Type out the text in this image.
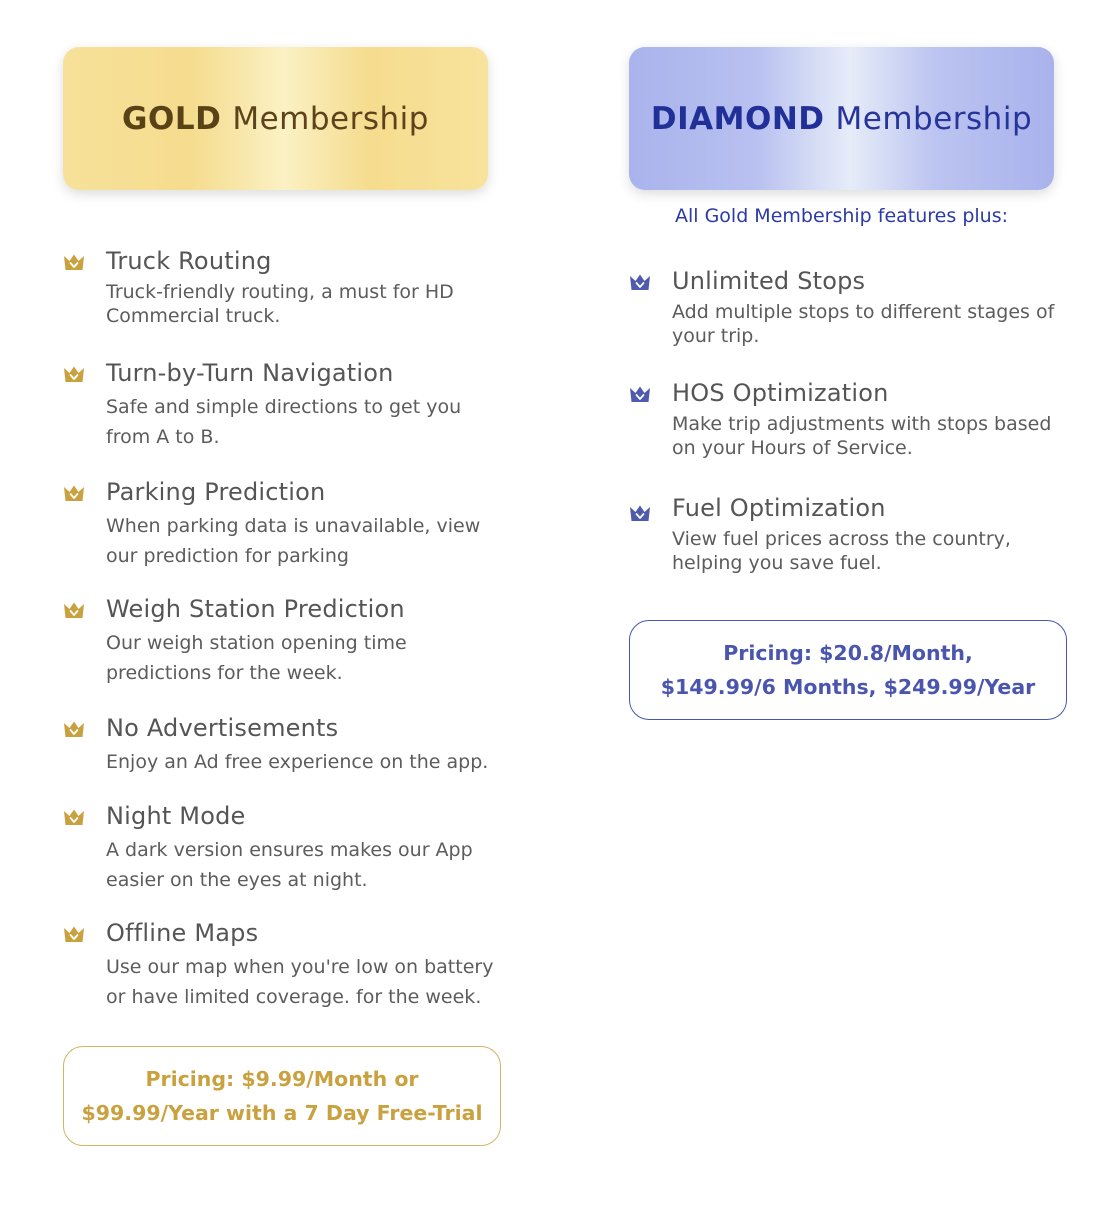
GOLD Membership
Truck Routing
Truck-friendly routing, a must for HD Commercial truck.
Turn-by-Turn Navigation
Safe and simple directions to get you from A to B.
Parking Prediction
When parking data is unavailable, view our prediction for parking
Weigh Station Prediction
Our weigh station opening time predictions for the week.
No Advertisements
Enjoy an Ad free experience on the app.
Night Mode
A dark version ensures makes our App easier on the eyes at night.
Offline Maps
Use our map when you're low on battery or have limited coverage. for the week.
Pricing: $9.99/Month or
$99.99/Year with a 7 Day Free-Trial
DIAMOND Membership
All Gold Membership features plus:
Unlimited Stops
Add multiple stops to different stages of your trip.
HOS Optimization
Make trip adjustments with stops based on your Hours of Service.
Fuel Optimization
View fuel prices across the country, helping you save fuel.
Pricing: $20.8/Month,
$149.99/6 Months, $249.99/Year
